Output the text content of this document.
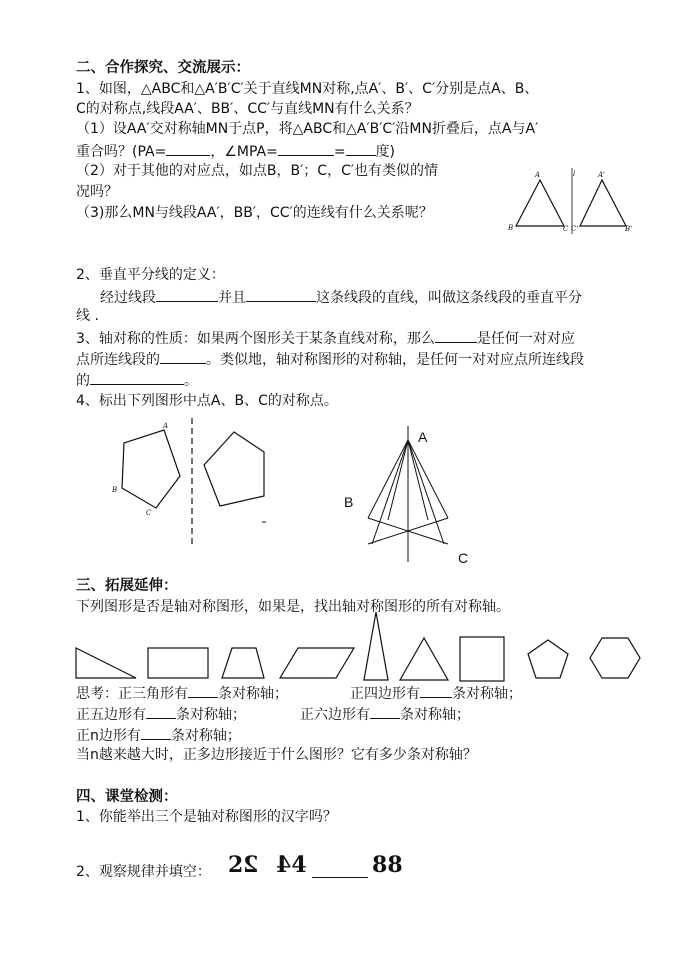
二、合作探究、交流展示：
1、如图，△ABC和△A′B′C′关于直线MN对称,点A′、B′、C′分别是点A、B、
C的对称点,线段AA′、BB′、CC′与直线MN有什么关系？
（1）设AA′交对称轴MN于点P，将△ABC和△A′B′C′沿MN折叠后，点A与A′
重合吗？(PA=	，∠MPA=	= 度)
（2）对于其他的对应点，如点B，B′；C，C′也有类似的情
况吗？
（3)那么MN与线段AA′，BB′，CC′的连线有什么关系呢？
2、垂直平分线的定义：
经过线段	并且	这条线段的直线，叫做这条线段的垂直平分
线 .
3、轴对称的性质：如果两个图形关于某条直线对称，那么	是任何一对对应
点所连线段的	。类似地，轴对称图形的对称轴，是任何一对对应点所连线段
的	。
4、标出下列图形中点A、B、C的对称点。
三、拓展延伸：
下列图形是否是轴对称图形，如果是，找出轴对称图形的所有对称轴。
思考：正三角形有 条对称轴；	正四边形有 条对称轴；
正五边形有 条对称轴；	正六边形有 条对称轴；
正n边形有 条对称轴；
当n越来越大时，正多边形接近于什么图形？它有多少条对称轴？
四、课堂检测：
1、你能举出三个是轴对称图形的汉字吗？
2、观察规律并填空： 22 44	88
A
B	C
l	A'
C'	B'
A
B
C
A
B
C
